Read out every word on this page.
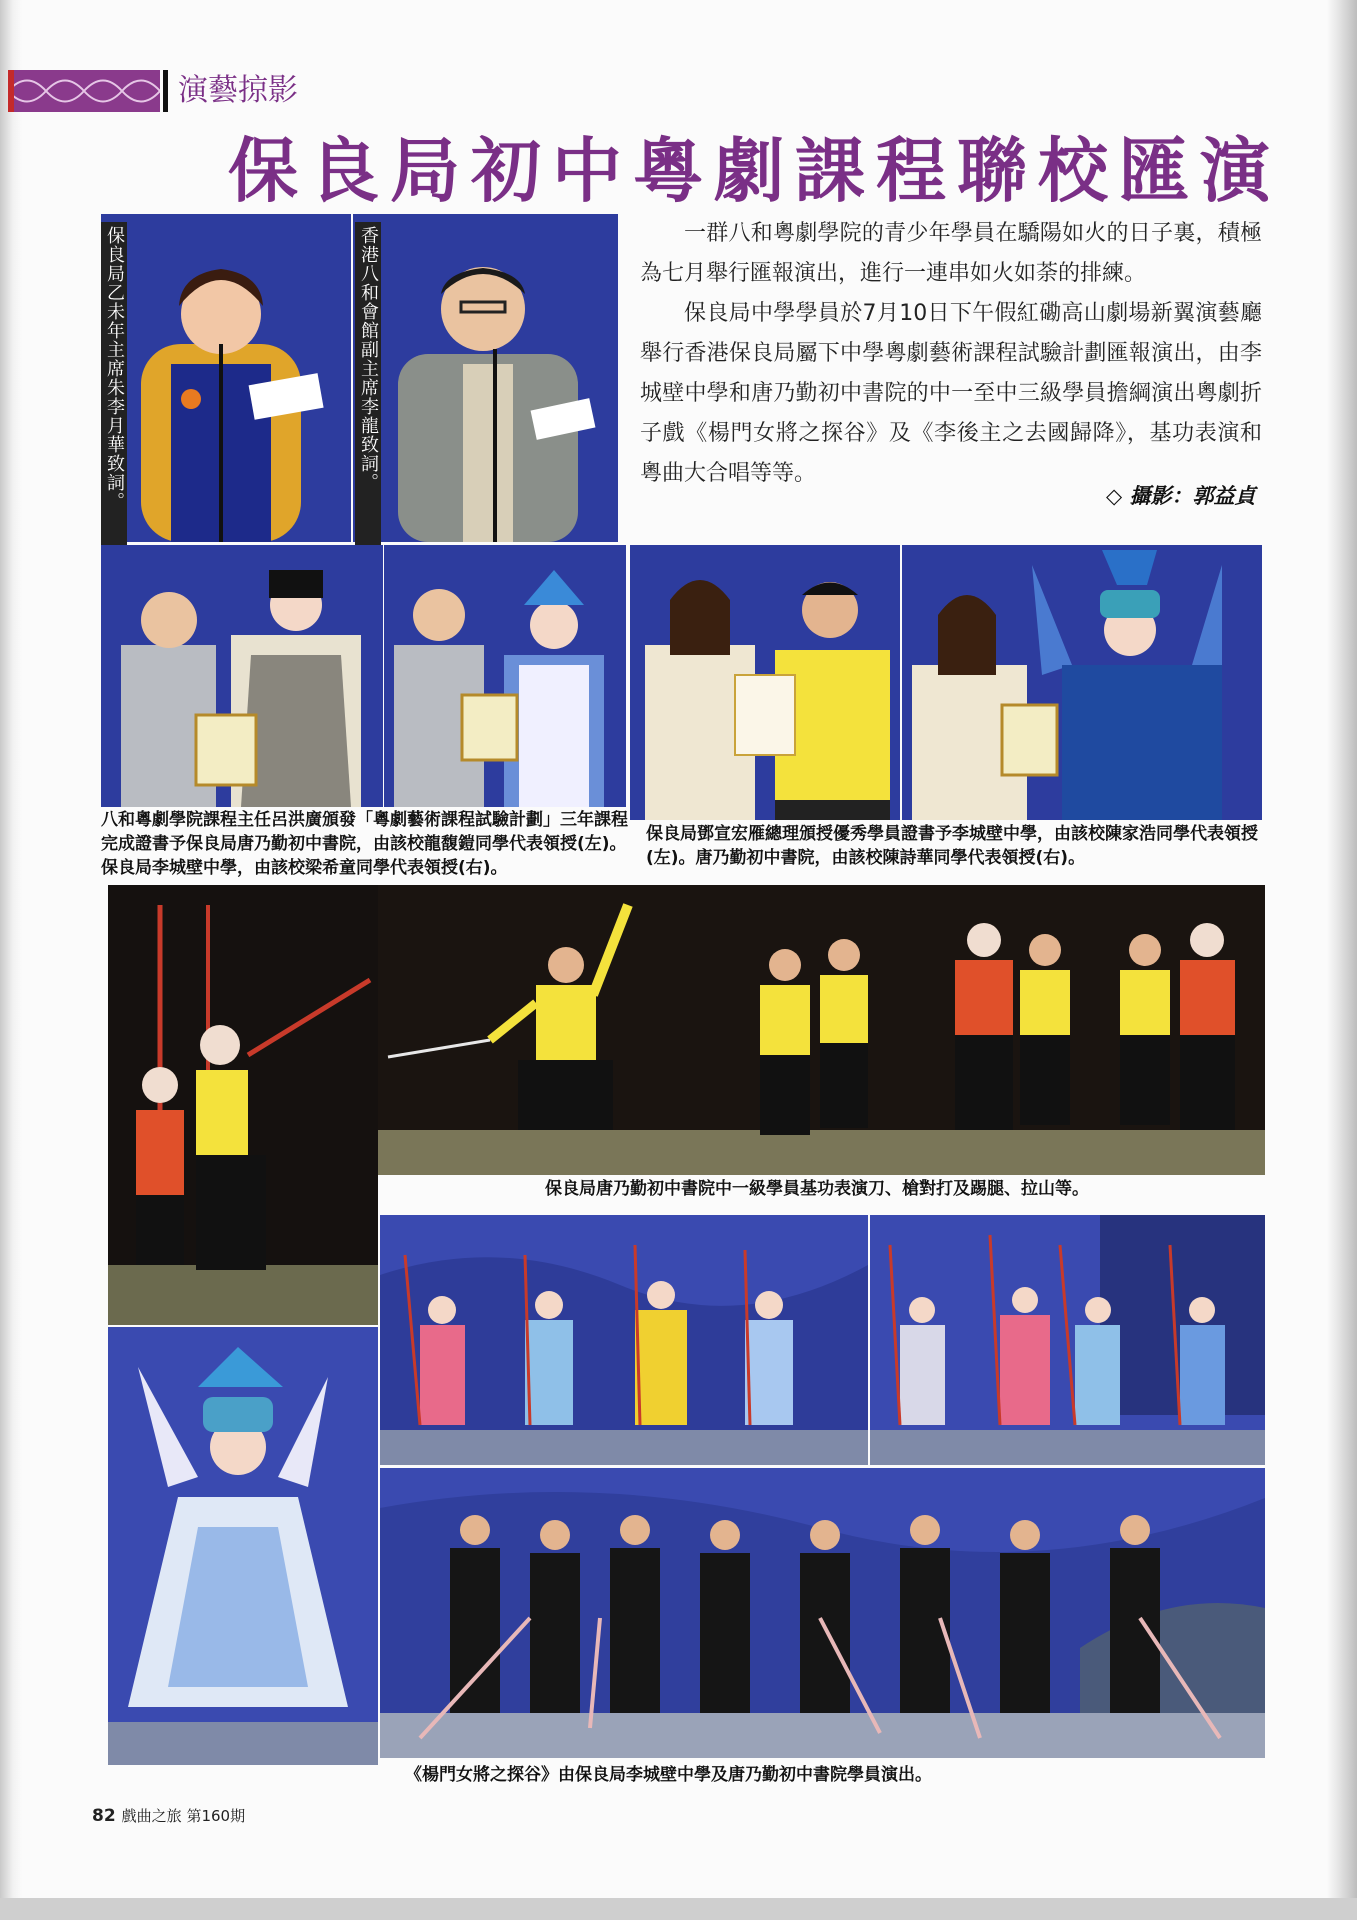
演藝掠影
保良局初中粵劇課程聯校匯演
保良局乙未年主席朱李月華致詞。	香港八和會館副主席李龍致詞。	一群八和粵劇學院的青少年學員在驕陽如火的日子裏，積極為七月舉行匯報演出，進行一連串如火如荼的排練。

保良局中學學員於7月10日下午假紅磡高山劇場新翼演藝廳舉行香港保良局屬下中學粵劇藝術課程試驗計劃匯報演出，由李城壁中學和唐乃勤初中書院的中一至中三級學員擔綱演出粵劇折子戲《楊門女將之探谷》及《李後主之去國歸降》，基功表演和粵曲大合唱等等。

◇ 攝影：郭益貞
八和粵劇學院課程主任呂洪廣頒發「粵劇藝術課程試驗計劃」三年課程完成證書予保良局唐乃勤初中書院，由該校龍馥鎧同學代表領授(左)。保良局李城壁中學，由該校梁希童同學代表領授(右)。
保良局鄧宣宏雁總理頒授優秀學員證書予李城壁中學，由該校陳家浩同學代表領授(左)。唐乃勤初中書院，由該校陳詩華同學代表領授(右)。
保良局唐乃勤初中書院中一級學員基功表演刀、槍對打及踢腿、拉山等。
《楊門女將之探谷》由保良局李城壁中學及唐乃勤初中書院學員演出。
82 戲曲之旅 第160期
